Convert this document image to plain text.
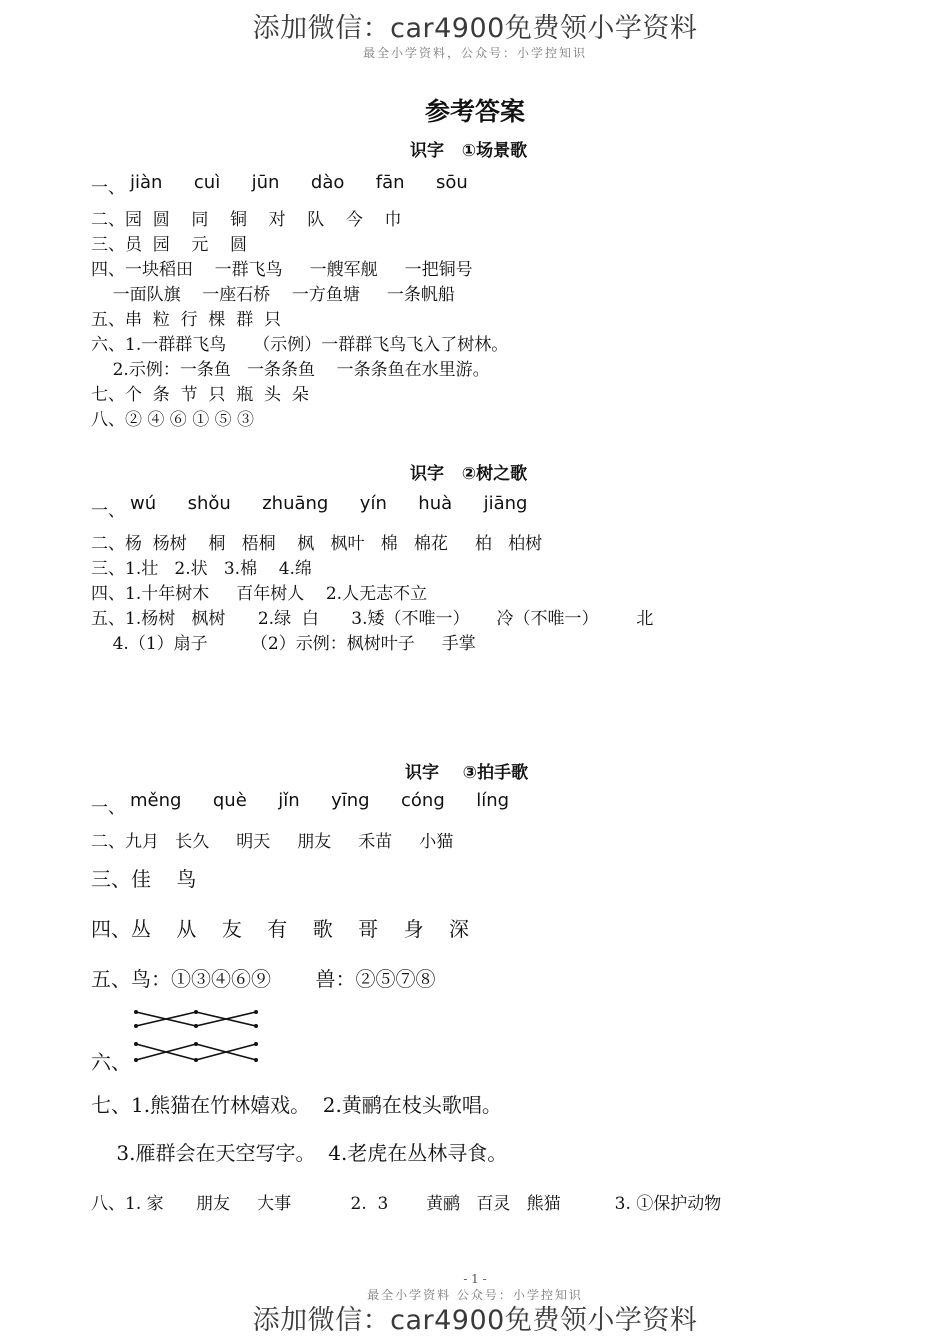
添加微信：car4900免费领小学资料
最全小学资料，公众号：小学控知识
参考答案
识字   ①场景歌
一、 jiàn  cuì  jūn  dào  fān  sōu
二、园  圆    同    铜    对    队    今    巾
三、员  园    元    圆
四、一块稻田    一群飞鸟     一艘军舰     一把铜号
一面队旗    一座石桥    一方鱼塘     一条帆船
五、串  粒  行  棵  群  只
六、1.一群群飞鸟     （示例）一群群飞鸟飞入了树林。
2.示例：一条鱼   一条条鱼    一条条鱼在水里游。
七、个  条  节  只  瓶  头  朵
八、② ④ ⑥ ① ⑤ ③
识字   ②树之歌
一、 wú  shǒu  zhuāng  yín  huà  jiāng
二、杨  杨树    桐   梧桐    枫   枫叶   棉   棉花     柏   柏树
三、1.壮   2.状   3.棉    4.绵
四、1.十年树木     百年树人    2.人无志不立
五、1.杨树   枫树      2.绿  白      3.矮（不唯一）     冷（不唯一）       北
4.（1）扇子        （2）示例：枫树叶子     手掌
识字    ③拍手歌
一、 měng  què  jǐn  yīng  cóng  líng
二、九月   长久     明天     朋友     禾苗     小猫
三、佳    鸟
四、丛    从    友    有    歌    哥    身    深
五、鸟：①③④⑥⑨       兽：②⑤⑦⑧
六、
七、1.熊猫在竹林嬉戏。  2.黄鹂在枝头歌唱。
3.雁群会在天空写字。  4.老虎在丛林寻食。
八、1. 家      朋友     大事           2.  3       黄鹂   百灵   熊猫          3. ①保护动物
- 1 -
最全小学资料 公众号：小学控知识
添加微信：car4900免费领小学资料
